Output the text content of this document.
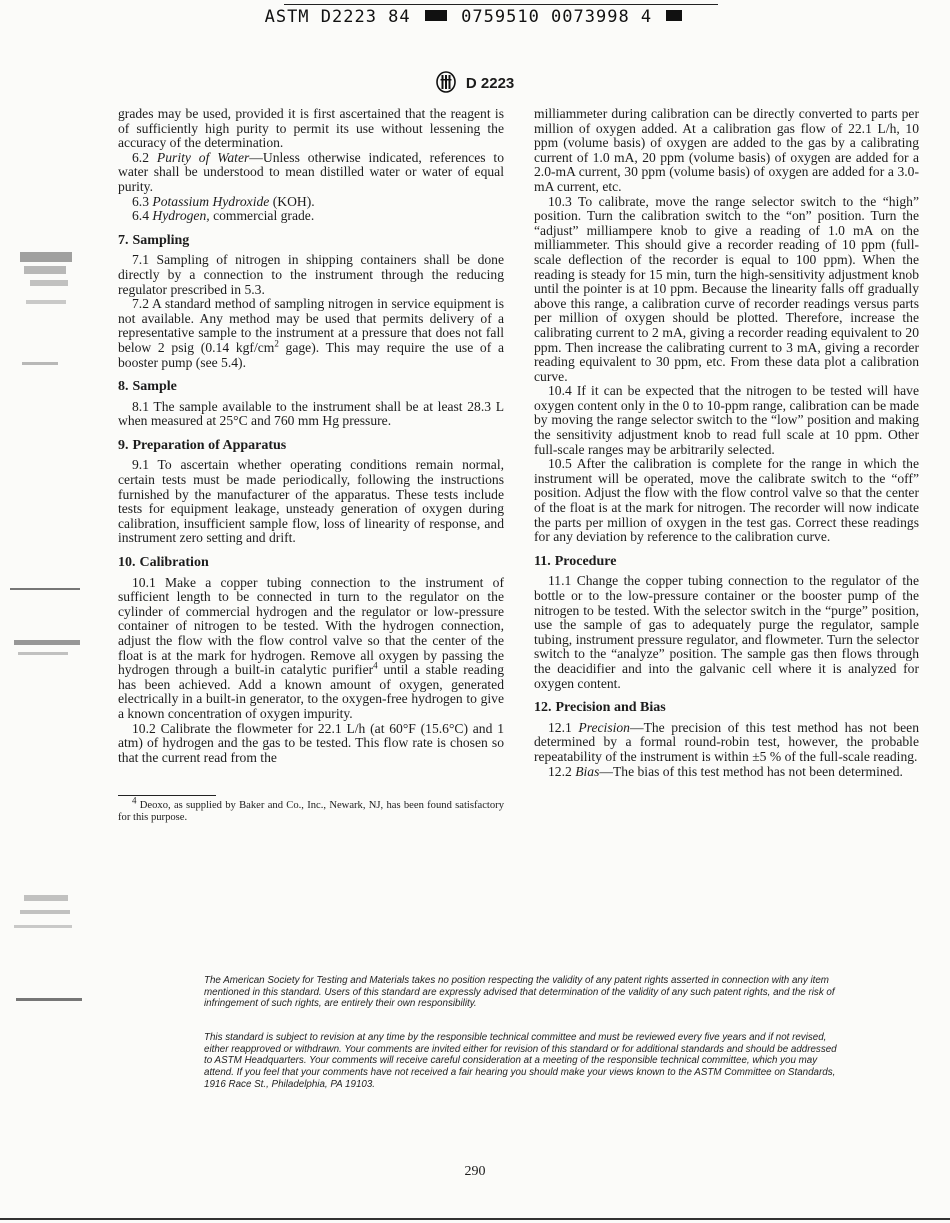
ASTM D2223 84	0759510 0073998 4
D 2223

grades may be used, provided it is first ascertained that the reagent is of sufficiently high purity to permit its use without lessening the accuracy of the determination.

6.2 Purity of Water—Unless otherwise indicated, references to water shall be understood to mean distilled water or water of equal purity.

6.3 Potassium Hydroxide (KOH).

6.4 Hydrogen, commercial grade.

7. Sampling

7.1 Sampling of nitrogen in shipping containers shall be done directly by a connection to the instrument through the reducing regulator prescribed in 5.3.

7.2 A standard method of sampling nitrogen in service equipment is not available. Any method may be used that permits delivery of a representative sample to the instrument at a pressure that does not fall below 2 psig (0.14 kgf/$cm^2$ gage). This may require the use of a booster pump (see 5.4).

8. Sample

8.1 The sample available to the instrument shall be at least 28.3 L when measured at 25°C and 760 mm Hg pressure.

9. Preparation of Apparatus

9.1 To ascertain whether operating conditions remain normal, certain tests must be made periodically, following the instructions furnished by the manufacturer of the apparatus. These tests include tests for equipment leakage, unsteady generation of oxygen during calibration, insufficient sample flow, loss of linearity of response, and instrument zero setting and drift.

10. Calibration

10.1 Make a copper tubing connection to the instrument of sufficient length to be connected in turn to the regulator on the cylinder of commercial hydrogen and the regulator or low-pressure container of nitrogen to be tested. With the hydrogen connection, adjust the flow with the flow control valve so that the center of the float is at the mark for hydrogen. Remove all oxygen by passing the hydrogen through a built-in catalytic purifier$^4$ until a stable reading has been achieved. Add a known amount of oxygen, generated electrically in a built-in generator, to the oxygen-free hydrogen to give a known concentration of oxygen impurity.

10.2 Calibrate the flowmeter for 22.1 L/h (at 60°F (15.6°C) and 1 atm) of hydrogen and the gas to be tested. This flow rate is chosen so that the current read from the

$^4$ Deoxo, as supplied by Baker and Co., Inc., Newark, NJ, has been found satisfactory for this purpose.

milliammeter during calibration can be directly converted to parts per million of oxygen added. At a calibration gas flow of 22.1 L/h, 10 ppm (volume basis) of oxygen are added to the gas by a calibrating current of 1.0 mA, 20 ppm (volume basis) of oxygen are added for a 2.0-mA current, 30 ppm (volume basis) of oxygen are added for a 3.0-mA current, etc.

10.3 To calibrate, move the range selector switch to the “high” position. Turn the calibration switch to the “on” position. Turn the “adjust” milliampere knob to give a reading of 1.0 mA on the milliammeter. This should give a recorder reading of 10 ppm (full-scale deflection of the recorder is equal to 100 ppm). When the reading is steady for 15 min, turn the high-sensitivity adjustment knob until the pointer is at 10 ppm. Because the linearity falls off gradually above this range, a calibration curve of recorder readings versus parts per million of oxygen should be plotted. Therefore, increase the calibrating current to 2 mA, giving a recorder reading equivalent to 20 ppm. Then increase the calibrating current to 3 mA, giving a recorder reading equivalent to 30 ppm, etc. From these data plot a calibration curve.

10.4 If it can be expected that the nitrogen to be tested will have oxygen content only in the 0 to 10-ppm range, calibration can be made by moving the range selector switch to the “low” position and making the sensitivity adjustment knob to read full scale at 10 ppm. Other full-scale ranges may be arbitrarily selected.

10.5 After the calibration is complete for the range in which the instrument will be operated, move the calibrate switch to the “off” position. Adjust the flow with the flow control valve so that the center of the float is at the mark for nitrogen. The recorder will now indicate the parts per million of oxygen in the test gas. Correct these readings for any deviation by reference to the calibration curve.

11. Procedure

11.1 Change the copper tubing connection to the regulator of the bottle or to the low-pressure container or the booster pump of the nitrogen to be tested. With the selector switch in the “purge” position, use the sample of gas to adequately purge the regulator, sample tubing, instrument pressure regulator, and flowmeter. Turn the selector switch to the “analyze” position. The sample gas then flows through the deacidifier and into the galvanic cell where it is analyzed for oxygen content.

12. Precision and Bias

12.1 Precision—The precision of this test method has not been determined by a formal round-robin test, however, the probable repeatability of the instrument is within ±5 % of the full-scale reading.

12.2 Bias—The bias of this test method has not been determined.

The American Society for Testing and Materials takes no position respecting the validity of any patent rights asserted in connection with any item mentioned in this standard. Users of this standard are expressly advised that determination of the validity of any such patent rights, and the risk of infringement of such rights, are entirely their own responsibility.
This standard is subject to revision at any time by the responsible technical committee and must be reviewed every five years and if not revised, either reapproved or withdrawn. Your comments are invited either for revision of this standard or for additional standards and should be addressed to ASTM Headquarters. Your comments will receive careful consideration at a meeting of the responsible technical committee, which you may attend. If you feel that your comments have not received a fair hearing you should make your views known to the ASTM Committee on Standards, 1916 Race St., Philadelphia, PA 19103.
290
